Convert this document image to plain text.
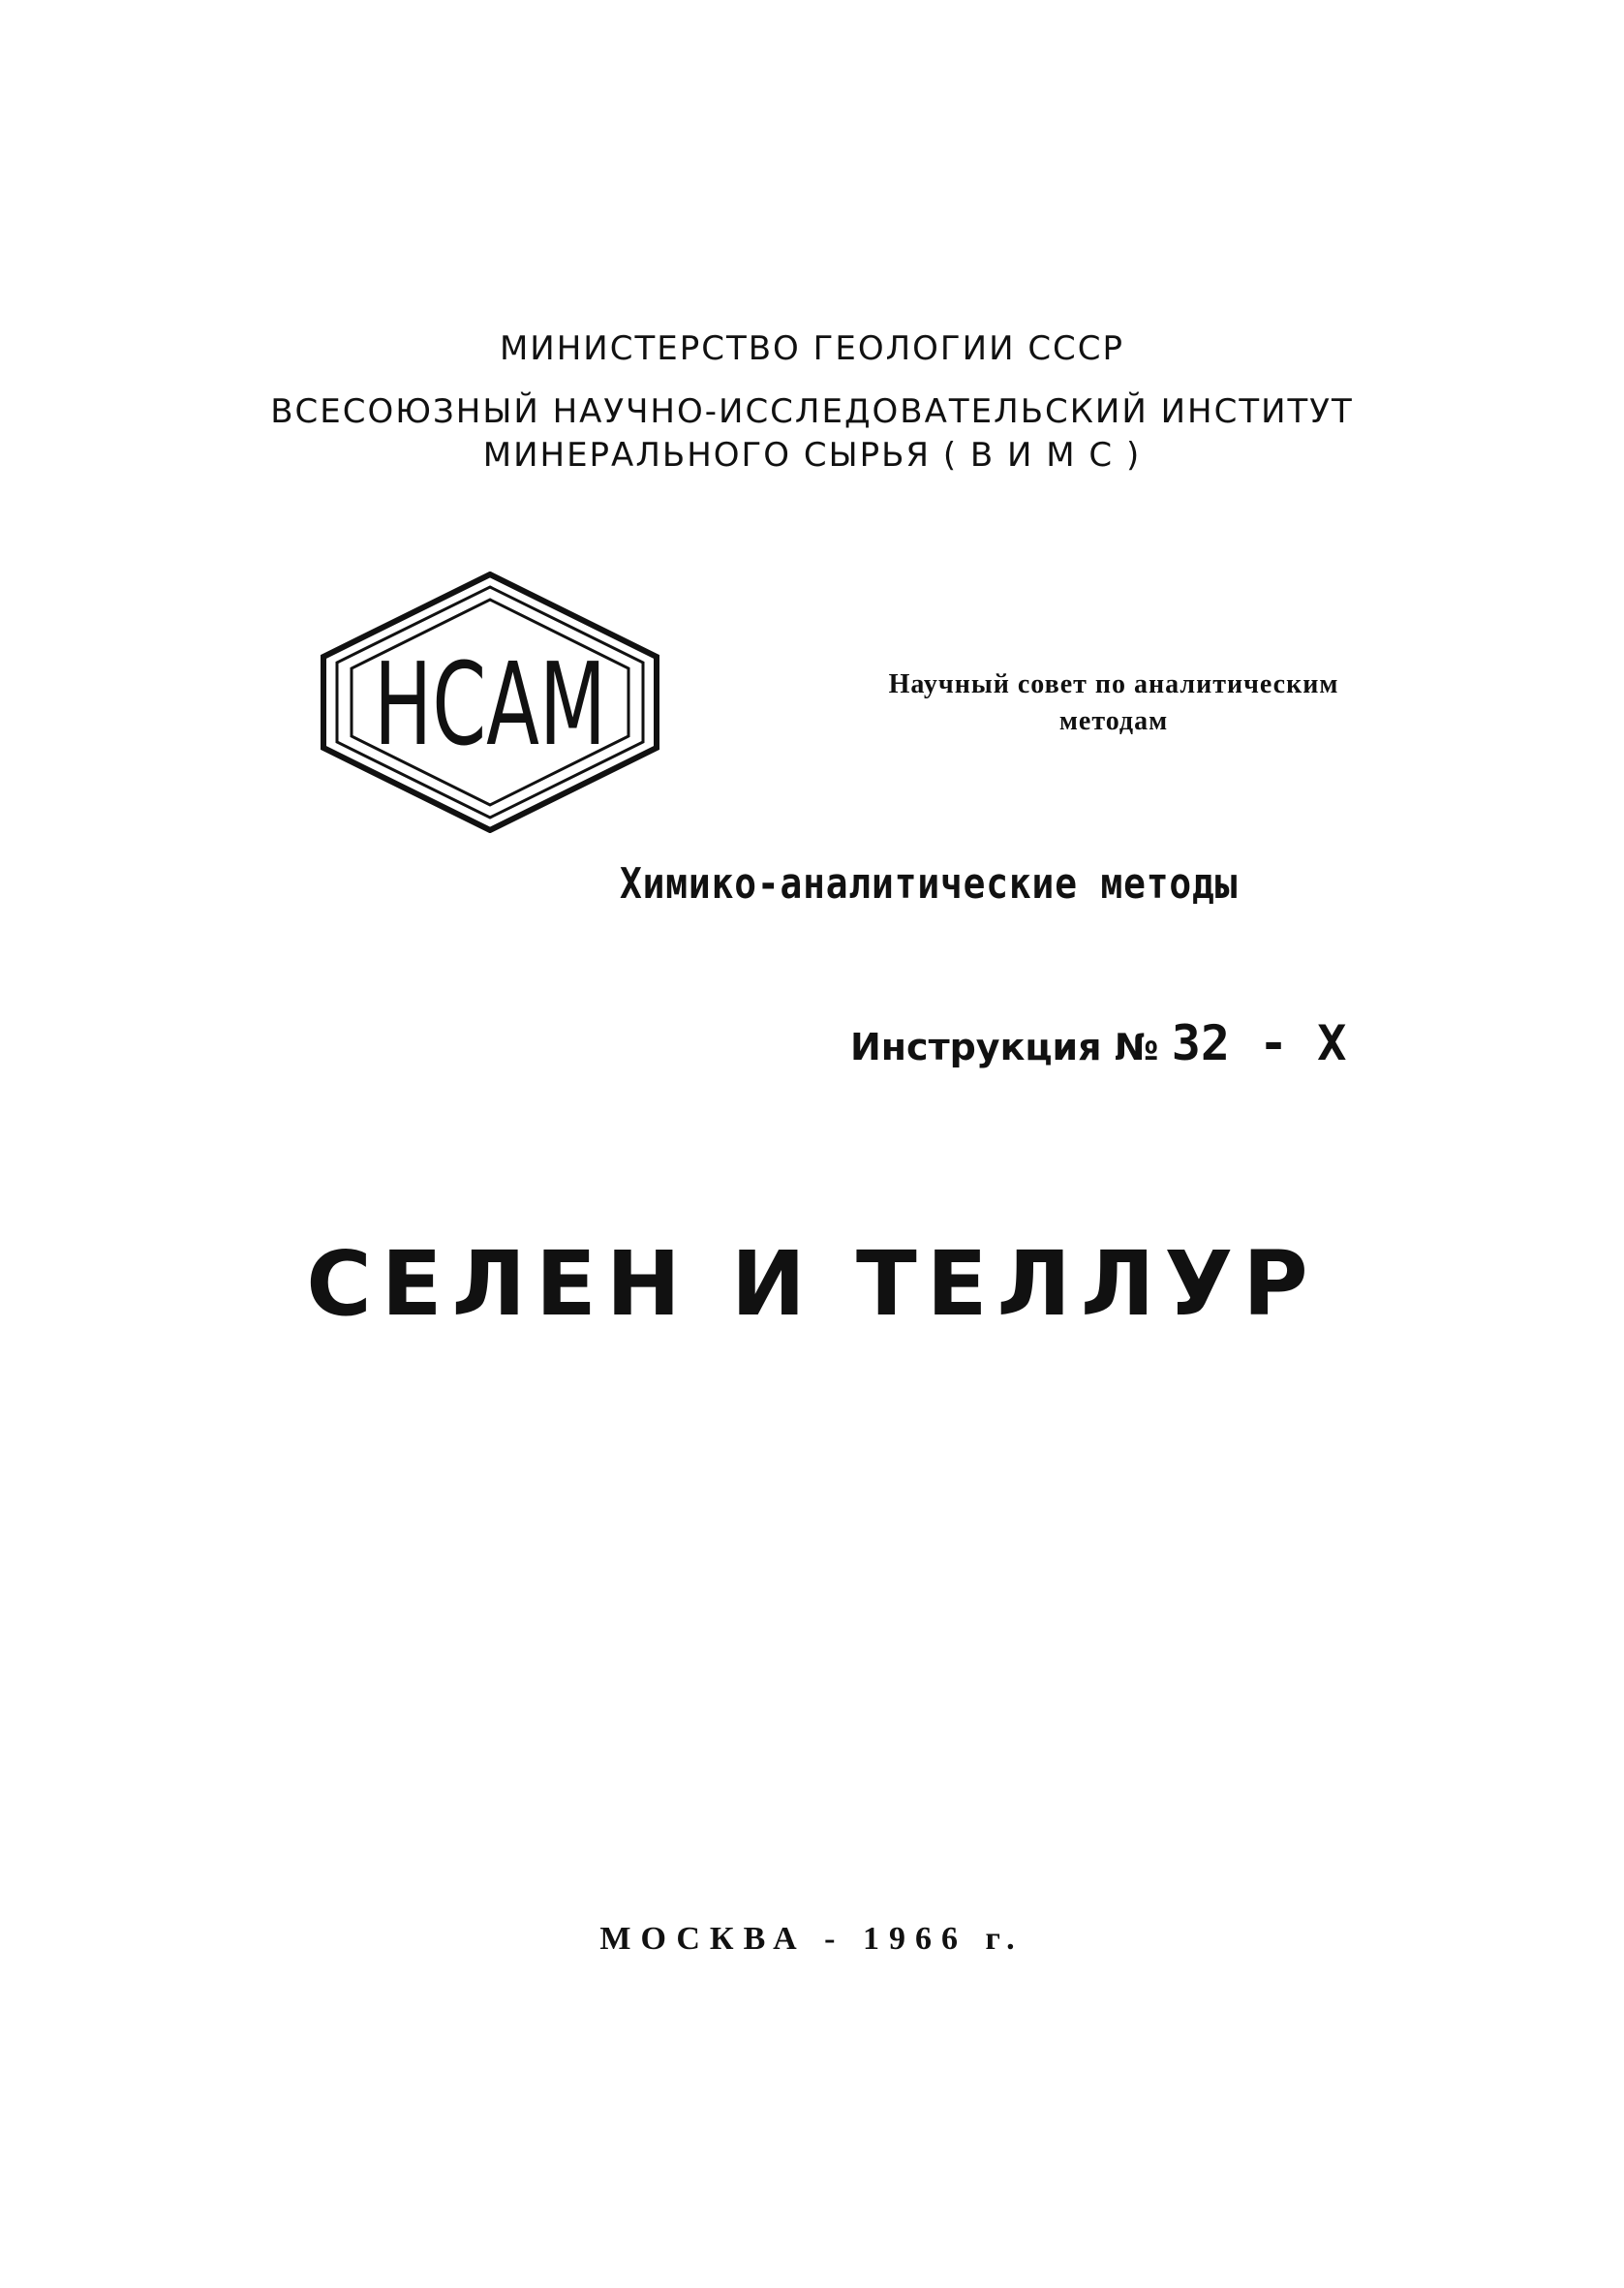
МИНИСТЕРСТВО ГЕОЛОГИИ СССР
ВСЕСОЮЗНЫЙ НАУЧНО-ИССЛЕДОВАТЕЛЬСКИЙ ИНСТИТУТ
МИНЕРАЛЬНОГО СЫРЬЯ ( В И М С )
НСАМ	Научный совет по аналитическим
методам
Химико-аналитические методы
Инструкция № 32 - Х
СЕЛЕН И ТЕЛЛУР
МОСКВА - 1966 г.
